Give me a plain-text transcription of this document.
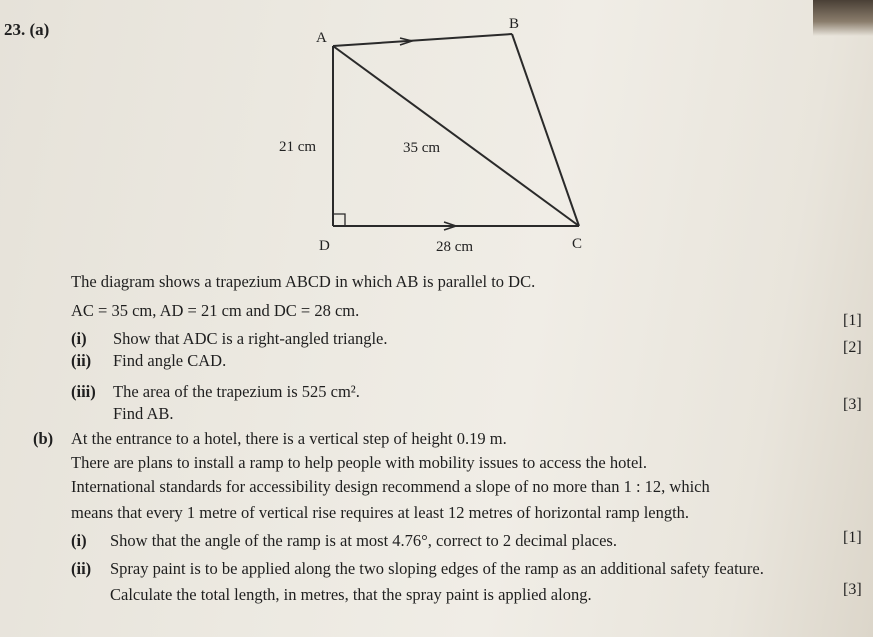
23. (a)	A
B
C
D
21 cm	35 cm
28 cm
The diagram shows a trapezium ABCD in which AB is parallel to DC.
AC = 35 cm, AD = 21 cm and DC = 28 cm.
(i) Show that ADC is a right-angled triangle.
[1]
(ii) Find angle CAD.
[2]
(iii) The area of the trapezium is 525 cm².
Find AB.	[3]
(b) At the entrance to a hotel, there is a vertical step of height 0.19 m.
There are plans to install a ramp to help people with mobility issues to access the hotel.
International standards for accessibility design recommend a slope of no more than 1 : 12, which
means that every 1 metre of vertical rise requires at least 12 metres of horizontal ramp length.
(i) Show that the angle of the ramp is at most 4.76°, correct to 2 decimal places.	[1]
(ii) Spray paint is to be applied along the two sloping edges of the ramp as an additional safety feature.
Calculate the total length, in metres, that the spray paint is applied along.	[3]
